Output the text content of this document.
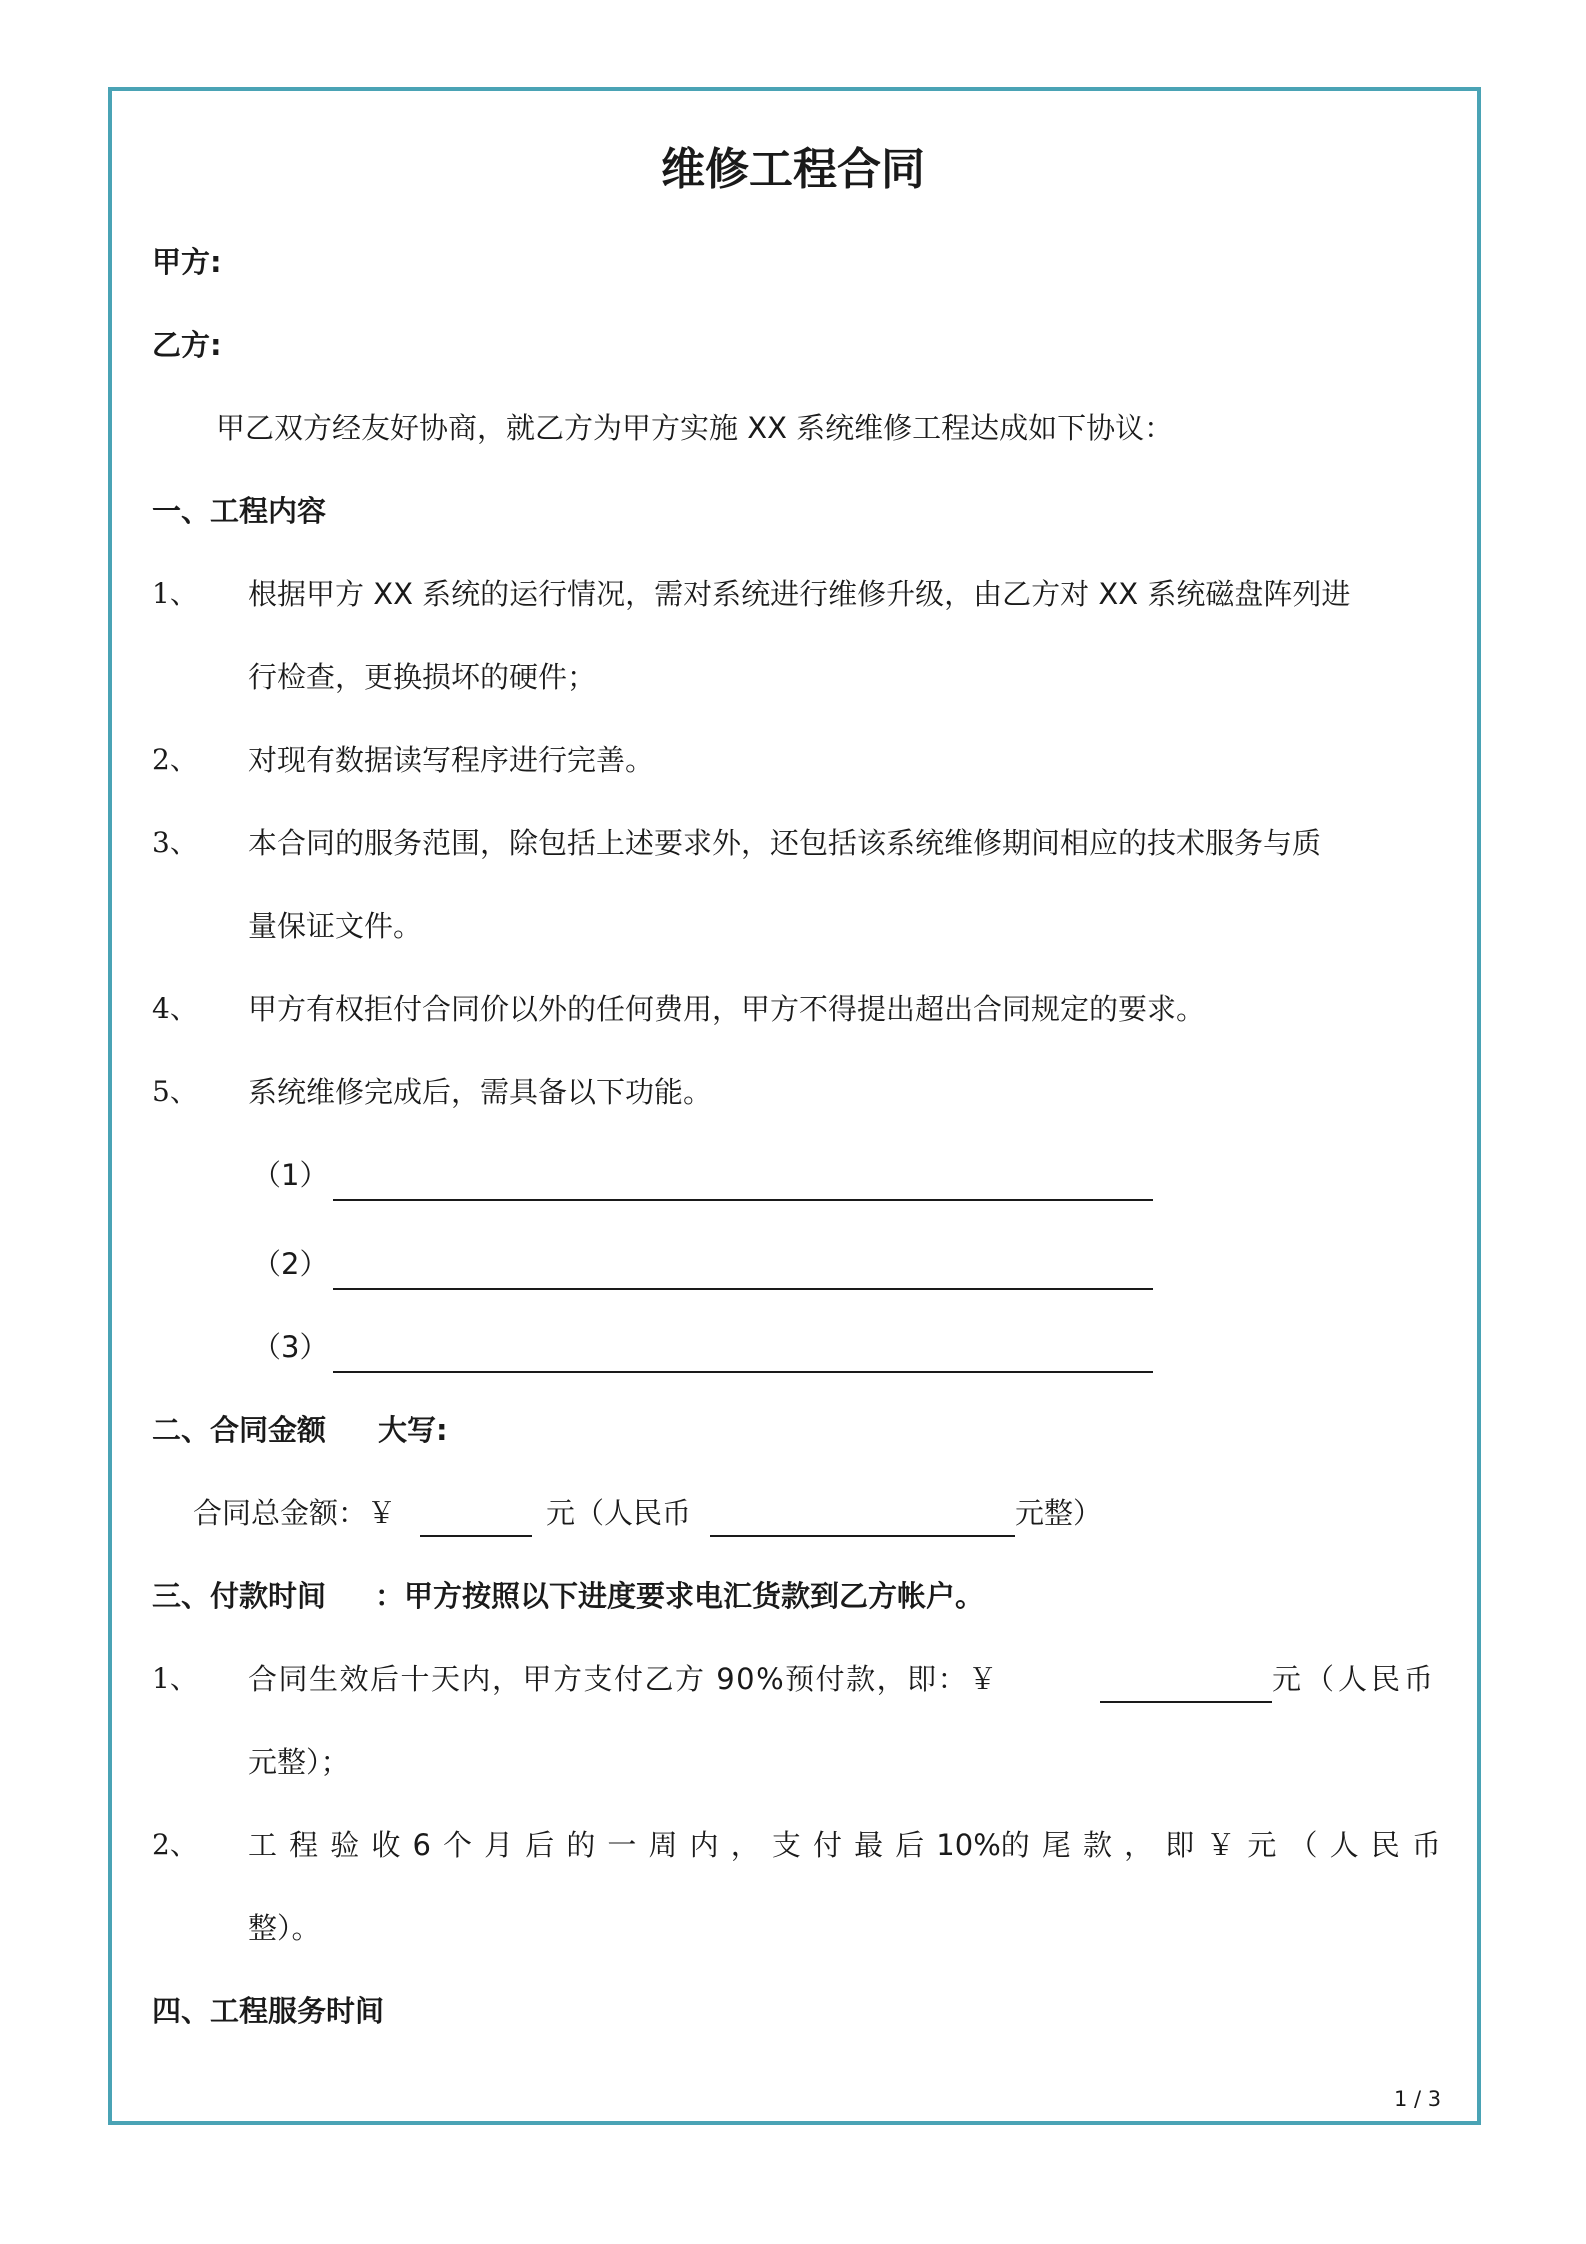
维修工程合同
甲方:
乙方:
甲乙双方经友好协商，就乙方为甲方实施 XX 系统维修工程达成如下协议：
一、工程内容
1、 根据甲方 XX 系统的运行情况，需对系统进行维修升级，由乙方对 XX 系统磁盘阵列进
行检查，更换损坏的硬件；
2、 对现有数据读写程序进行完善。
3、 本合同的服务范围，除包括上述要求外，还包括该系统维修期间相应的技术服务与质
量保证文件。
4、 甲方有权拒付合同价以外的任何费用，甲方不得提出超出合同规定的要求。
5、 系统维修完成后，需具备以下功能。
（1）
（2）
（3）
二、合同金额 大写:
合同总金额：￥	元（人民币	元整）
三、付款时间 ：甲方按照以下进度要求电汇货款到乙方帐户。
1、 合同生效后十天内，甲方支付乙方 90%预付款，即：￥	元（人民币
元整）；
2、 工 程 验 收 6 个 月 后 的 一 周 内 ， 支 付 最 后 10%的 尾 款 ， 即 ￥ 元 （ 人 民 币
整）。
四、工程服务时间
1 / 3
